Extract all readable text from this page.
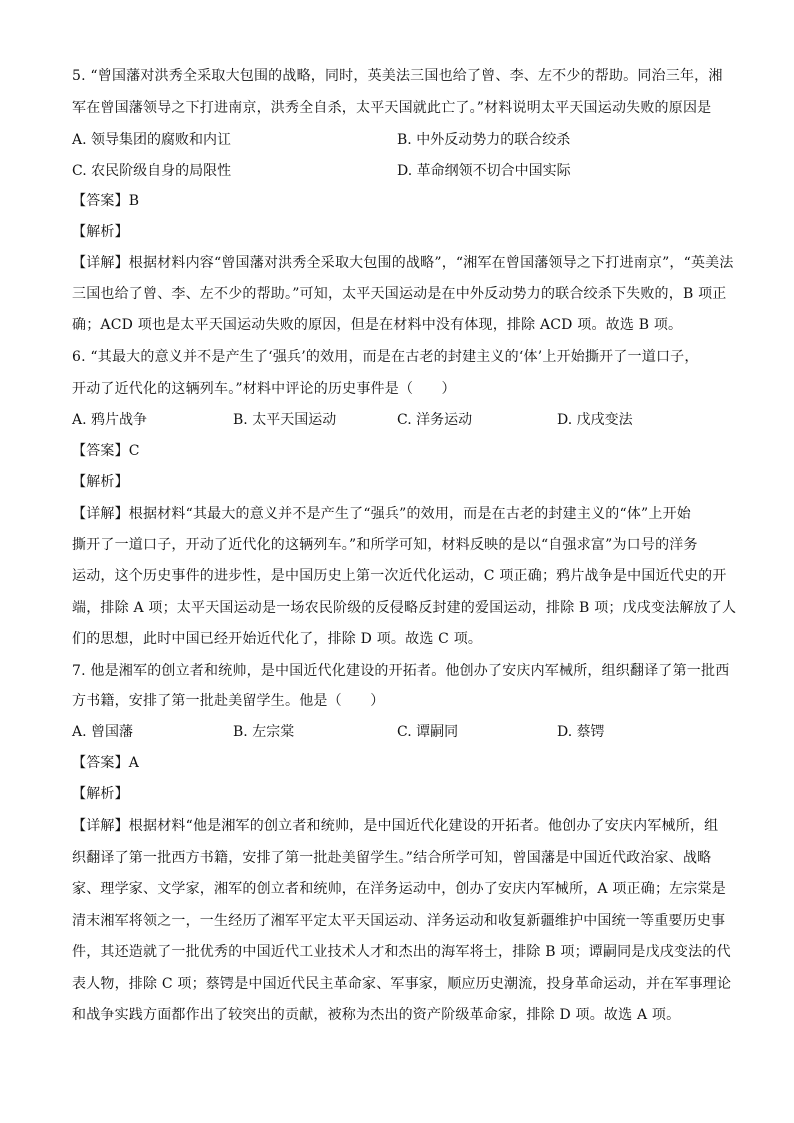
5. “曾国藩对洪秀全采取大包围的战略，同时，英美法三国也给了曾、李、左不少的帮助。同治三年，湘
军在曾国藩领导之下打进南京，洪秀全自杀，太平天国就此亡了。”材料说明太平天国运动失败的原因是
A. 领导集团的腐败和内讧	B. 中外反动势力的联合绞杀
C. 农民阶级自身的局限性	D. 革命纲领不切合中国实际
【答案】B
【解析】
【详解】根据材料内容“曾国藩对洪秀全采取大包围的战略”，“湘军在曾国藩领导之下打进南京”，“英美法
三国也给了曾、李、左不少的帮助。”可知，太平天国运动是在中外反动势力的联合绞杀下失败的，B 项正
确；ACD 项也是太平天国运动失败的原因，但是在材料中没有体现，排除 ACD 项。故选 B 项。
6. “其最大的意义并不是产生了‘强兵’的效用，而是在古老的封建主义的‘体’上开始撕开了一道口子，
开动了近代化的这辆列车。”材料中评论的历史事件是（　　）
A. 鸦片战争	B. 太平天国运动	C. 洋务运动	D. 戊戌变法
【答案】C
【解析】
【详解】根据材料“其最大的意义并不是产生了“强兵”的效用，而是在古老的封建主义的“体”上开始
撕开了一道口子，开动了近代化的这辆列车。”和所学可知，材料反映的是以“自强求富”为口号的洋务
运动，这个历史事件的进步性，是中国历史上第一次近代化运动，C 项正确；鸦片战争是中国近代史的开
端，排除 A 项；太平天国运动是一场农民阶级的反侵略反封建的爱国运动，排除 B 项；戊戌变法解放了人
们的思想，此时中国已经开始近代化了，排除 D 项。故选 C 项。
7. 他是湘军的创立者和统帅，是中国近代化建设的开拓者。他创办了安庆内军械所，组织翻译了第一批西
方书籍，安排了第一批赴美留学生。他是（　　）
A. 曾国藩	B. 左宗棠	C. 谭嗣同	D. 蔡锷
【答案】A
【解析】
【详解】根据材料“他是湘军的创立者和统帅，是中国近代化建设的开拓者。他创办了安庆内军械所，组
织翻译了第一批西方书籍，安排了第一批赴美留学生。”结合所学可知，曾国藩是中国近代政治家、战略
家、理学家、文学家，湘军的创立者和统帅，在洋务运动中，创办了安庆内军械所，A 项正确；左宗棠是
清末湘军将领之一，一生经历了湘军平定太平天国运动、洋务运动和收复新疆维护中国统一等重要历史事
件，其还造就了一批优秀的中国近代工业技术人才和杰出的海军将士，排除 B 项；谭嗣同是戊戌变法的代
表人物，排除 C 项；蔡锷是中国近代民主革命家、军事家，顺应历史潮流，投身革命运动，并在军事理论
和战争实践方面都作出了较突出的贡献，被称为杰出的资产阶级革命家，排除 D 项。故选 A 项。
